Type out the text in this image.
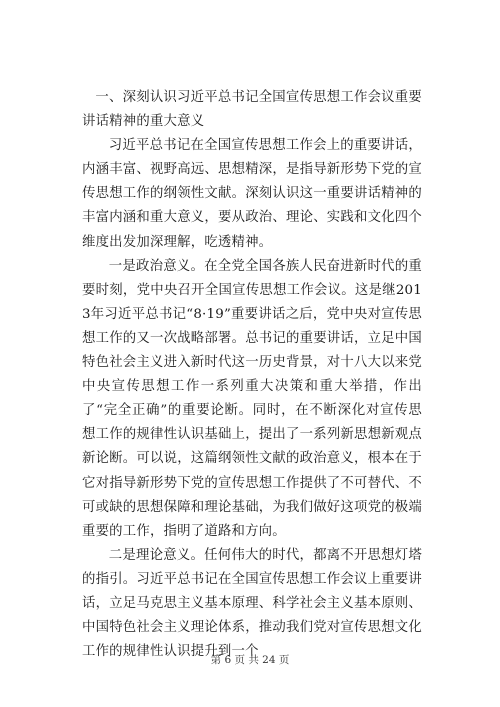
一、深刻认识习近平总书记全国宣传思想工作会议重要讲话精神的重大意义

习近平总书记在全国宣传思想工作会上的重要讲话，内涵丰富、视野高远、思想精深，是指导新形势下党的宣传思想工作的纲领性文献。深刻认识这一重要讲话精神的丰富内涵和重大意义，要从政治、理论、实践和文化四个维度出发加深理解，吃透精神。

一是政治意义。在全党全国各族人民奋进新时代的重要时刻，党中央召开全国宣传思想工作会议。这是继2013年习近平总书记“8·19”重要讲话之后，党中央对宣传思想工作的又一次战略部署。总书记的重要讲话，立足中国特色社会主义进入新时代这一历史背景，对十八大以来党中央宣传思想工作一系列重大决策和重大举措，作出了“完全正确”的重要论断。同时，在不断深化对宣传思想工作的规律性认识基础上，提出了一系列新思想新观点新论断。可以说，这篇纲领性文献的政治意义，根本在于它对指导新形势下党的宣传思想工作提供了不可替代、不可或缺的思想保障和理论基础，为我们做好这项党的极端重要的工作，指明了道路和方向。

二是理论意义。任何伟大的时代，都离不开思想灯塔的指引。习近平总书记在全国宣传思想工作会议上重要讲话，立足马克思主义基本原理、科学社会主义基本原则、中国特色社会主义理论体系，推动我们党对宣传思想文化工作的规律性认识提升到一个

第 6 页 共 24 页
